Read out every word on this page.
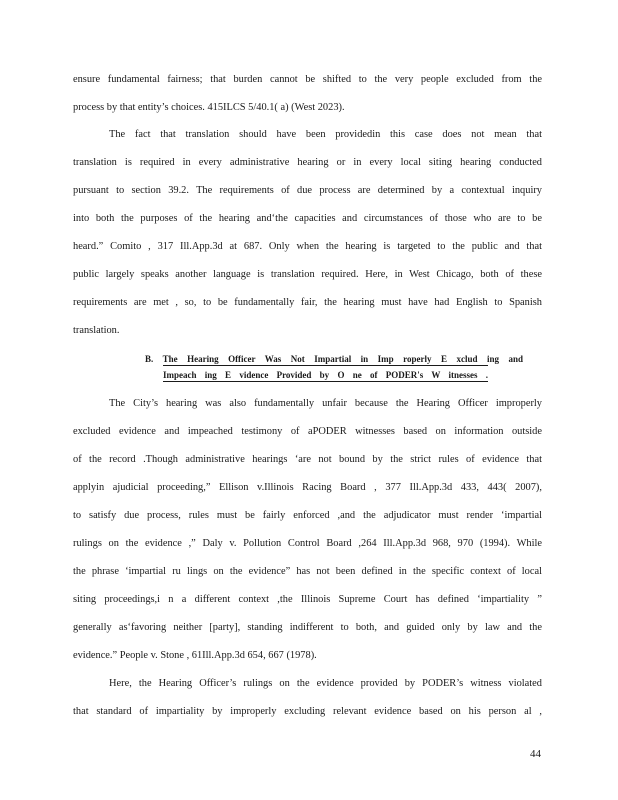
ensure fundamental fairness; that burden cannot be shifted to the very people excluded from the
process by that entity’s choices. 415ILCS 5/40.1( a) (West 2023).
The fact that translation should have been providedin this case does not mean that
translation is required in every administrative hearing or in every local siting hearing conducted
pursuant to section 39.2. The requirements of due process are determined by a contextual inquiry
into both the purposes of the hearing and‘the capacities and circumstances of those who are to be
heard.” Comito , 317 Ill.App.3d at 687. Only when the hearing is targeted to the public and that
public largely speaks another language is translation required. Here, in West Chicago, both of these
requirements are met , so, to be fundamentally fair, the hearing must have had English to Spanish
translation.
B. The Hearing Officer Was Not Impartial in Imp roperly E xclud ing and
Impeach ing E vidence Provided by O ne of PODER's W itnesses .
The City’s hearing was also fundamentally unfair because the Hearing Officer improperly
excluded evidence and impeached testimony of aPODER witnesses based on information outside
of the record .Though administrative hearings ‘are not bound by the strict rules of evidence that
applyin ajudicial proceeding,” Ellison v.Illinois Racing Board , 377 Ill.App.3d 433, 443( 2007),
to satisfy due process, rules must be fairly enforced ,and the adjudicator must render ‘impartial
rulings on the evidence ,” Daly v. Pollution Control Board ,264 Ill.App.3d 968, 970 (1994). While
the phrase ‘impartial ru lings on the evidence” has not been defined in the specific context of local
siting proceedings,i n a different context ,the Illinois Supreme Court has defined ‘impartiality ”
generally as‘favoring neither [party], standing indifferent to both, and guided only by law and the
evidence.” People v. Stone , 61Ill.App.3d 654, 667 (1978).
Here, the Hearing Officer’s rulings on the evidence provided by PODER’s witness violated
that standard of impartiality by improperly excluding relevant evidence based on his person al ,
44
